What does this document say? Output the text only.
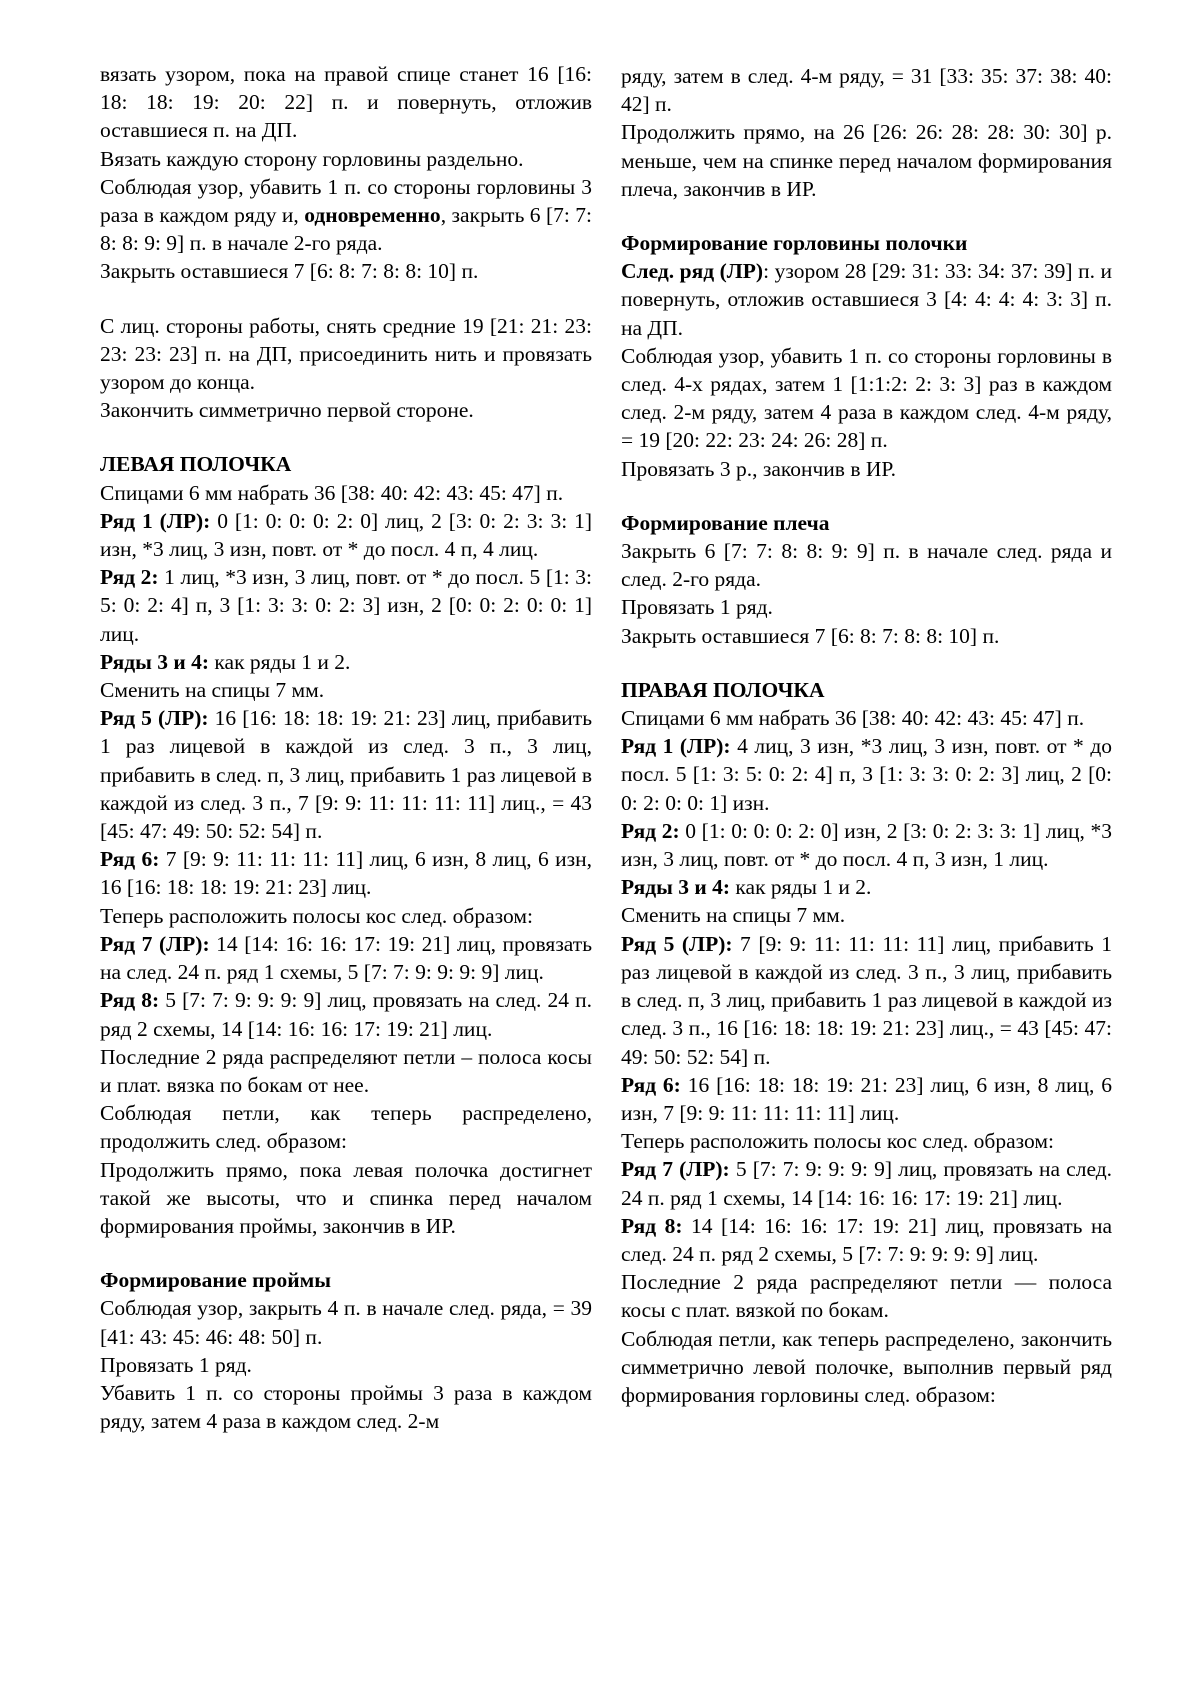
вязать узором, пока на правой спице станет 16 [16: 18: 18: 19: 20: 22] п. и повернуть, отложив оставшиеся п. на ДП.

Вязать каждую сторону горловины раздельно.

Соблюдая узор, убавить 1 п. со стороны горловины 3 раза в каждом ряду и, одновременно, закрыть 6 [7: 7: 8: 8: 9: 9] п. в начале 2-го ряда.

Закрыть оставшиеся 7 [6: 8: 7: 8: 8: 10] п.

С лиц. стороны работы, снять средние 19 [21: 21: 23: 23: 23: 23] п. на ДП, присоединить нить и провязать узором до конца.

Закончить симметрично первой стороне.

ЛЕВАЯ ПОЛОЧКА

Спицами 6 мм набрать 36 [38: 40: 42: 43: 45: 47] п.

Ряд 1 (ЛР): 0 [1: 0: 0: 0: 2: 0] лиц, 2 [3: 0: 2: 3: 3: 1] изн, *3 лиц, 3 изн, повт. от * до посл. 4 п, 4 лиц.

Ряд 2: 1 лиц, *3 изн, 3 лиц, повт. от * до посл. 5 [1: 3: 5: 0: 2: 4] п, 3 [1: 3: 3: 0: 2: 3] изн, 2 [0: 0: 2: 0: 0: 1] лиц.

Ряды 3 и 4: как ряды 1 и 2.

Сменить на спицы 7 мм.

Ряд 5 (ЛР): 16 [16: 18: 18: 19: 21: 23] лиц, прибавить 1 раз лицевой в каждой из след. 3 п., 3 лиц, прибавить в след. п, 3 лиц, прибавить 1 раз лицевой в каждой из след. 3 п., 7 [9: 9: 11: 11: 11: 11] лиц., = 43 [45: 47: 49: 50: 52: 54] п.

Ряд 6: 7 [9: 9: 11: 11: 11: 11] лиц, 6 изн, 8 лиц, 6 изн, 16 [16: 18: 18: 19: 21: 23] лиц.

Теперь расположить полосы кос след. образом:

Ряд 7 (ЛР): 14 [14: 16: 16: 17: 19: 21] лиц, провязать на след. 24 п. ряд 1 схемы, 5 [7: 7: 9: 9: 9: 9] лиц.

Ряд 8: 5 [7: 7: 9: 9: 9: 9] лиц, провязать на след. 24 п. ряд 2 схемы, 14 [14: 16: 16: 17: 19: 21] лиц.

Последние 2 ряда распределяют петли – полоса косы и плат. вязка по бокам от нее.

Соблюдая петли, как теперь распределено, продолжить след. образом:

Продолжить прямо, пока левая полочка достигнет такой же высоты, что и спинка перед началом формирования проймы, закончив в ИР.

Формирование проймы

Соблюдая узор, закрыть 4 п. в начале след. ряда, = 39 [41: 43: 45: 46: 48: 50] п.

Провязать 1 ряд.

Убавить 1 п. со стороны проймы 3 раза в каждом ряду, затем 4 раза в каждом след. 2-м

ряду, затем в след. 4-м ряду, = 31 [33: 35: 37: 38: 40: 42] п.

Продолжить прямо, на 26 [26: 26: 28: 28: 30: 30] р. меньше, чем на спинке перед началом формирования плеча, закончив в ИР.

Формирование горловины полочки

След. ряд (ЛР): узором 28 [29: 31: 33: 34: 37: 39] п. и повернуть, отложив оставшиеся 3 [4: 4: 4: 4: 3: 3] п. на ДП.

Соблюдая узор, убавить 1 п. со стороны горловины в след. 4-х рядах, затем 1 [1:1:2: 2: 3: 3] раз в каждом след. 2-м ряду, затем 4 раза в каждом след. 4-м ряду, = 19 [20: 22: 23: 24: 26: 28] п.

Провязать 3 р., закончив в ИР.

Формирование плеча

Закрыть 6 [7: 7: 8: 8: 9: 9] п. в начале след. ряда и след. 2-го ряда.

Провязать 1 ряд.

Закрыть оставшиеся 7 [6: 8: 7: 8: 8: 10] п.

ПРАВАЯ ПОЛОЧКА

Спицами 6 мм набрать 36 [38: 40: 42: 43: 45: 47] п.

Ряд 1 (ЛР): 4 лиц, 3 изн, *3 лиц, 3 изн, повт. от * до посл. 5 [1: 3: 5: 0: 2: 4] п, 3 [1: 3: 3: 0: 2: 3] лиц, 2 [0: 0: 2: 0: 0: 1] изн.

Ряд 2: 0 [1: 0: 0: 0: 2: 0] изн, 2 [3: 0: 2: 3: 3: 1] лиц, *3 изн, 3 лиц, повт. от * до посл. 4 п, 3 изн, 1 лиц.

Ряды 3 и 4: как ряды 1 и 2.

Сменить на спицы 7 мм.

Ряд 5 (ЛР): 7 [9: 9: 11: 11: 11: 11] лиц, прибавить 1 раз лицевой в каждой из след. 3 п., 3 лиц, прибавить в след. п, 3 лиц, прибавить 1 раз лицевой в каждой из след. 3 п., 16 [16: 18: 18: 19: 21: 23] лиц., = 43 [45: 47: 49: 50: 52: 54] п.

Ряд 6: 16 [16: 18: 18: 19: 21: 23] лиц, 6 изн, 8 лиц, 6 изн, 7 [9: 9: 11: 11: 11: 11] лиц.

Теперь расположить полосы кос след. образом:

Ряд 7 (ЛР): 5 [7: 7: 9: 9: 9: 9] лиц, провязать на след. 24 п. ряд 1 схемы, 14 [14: 16: 16: 17: 19: 21] лиц.

Ряд 8: 14 [14: 16: 16: 17: 19: 21] лиц, провязать на след. 24 п. ряд 2 схемы, 5 [7: 7: 9: 9: 9: 9] лиц.

Последние 2 ряда распределяют петли — полоса косы с плат. вязкой по бокам.

Соблюдая петли, как теперь распределено, закончить симметрично левой полочке, выполнив первый ряд формирования горловины след. образом:
